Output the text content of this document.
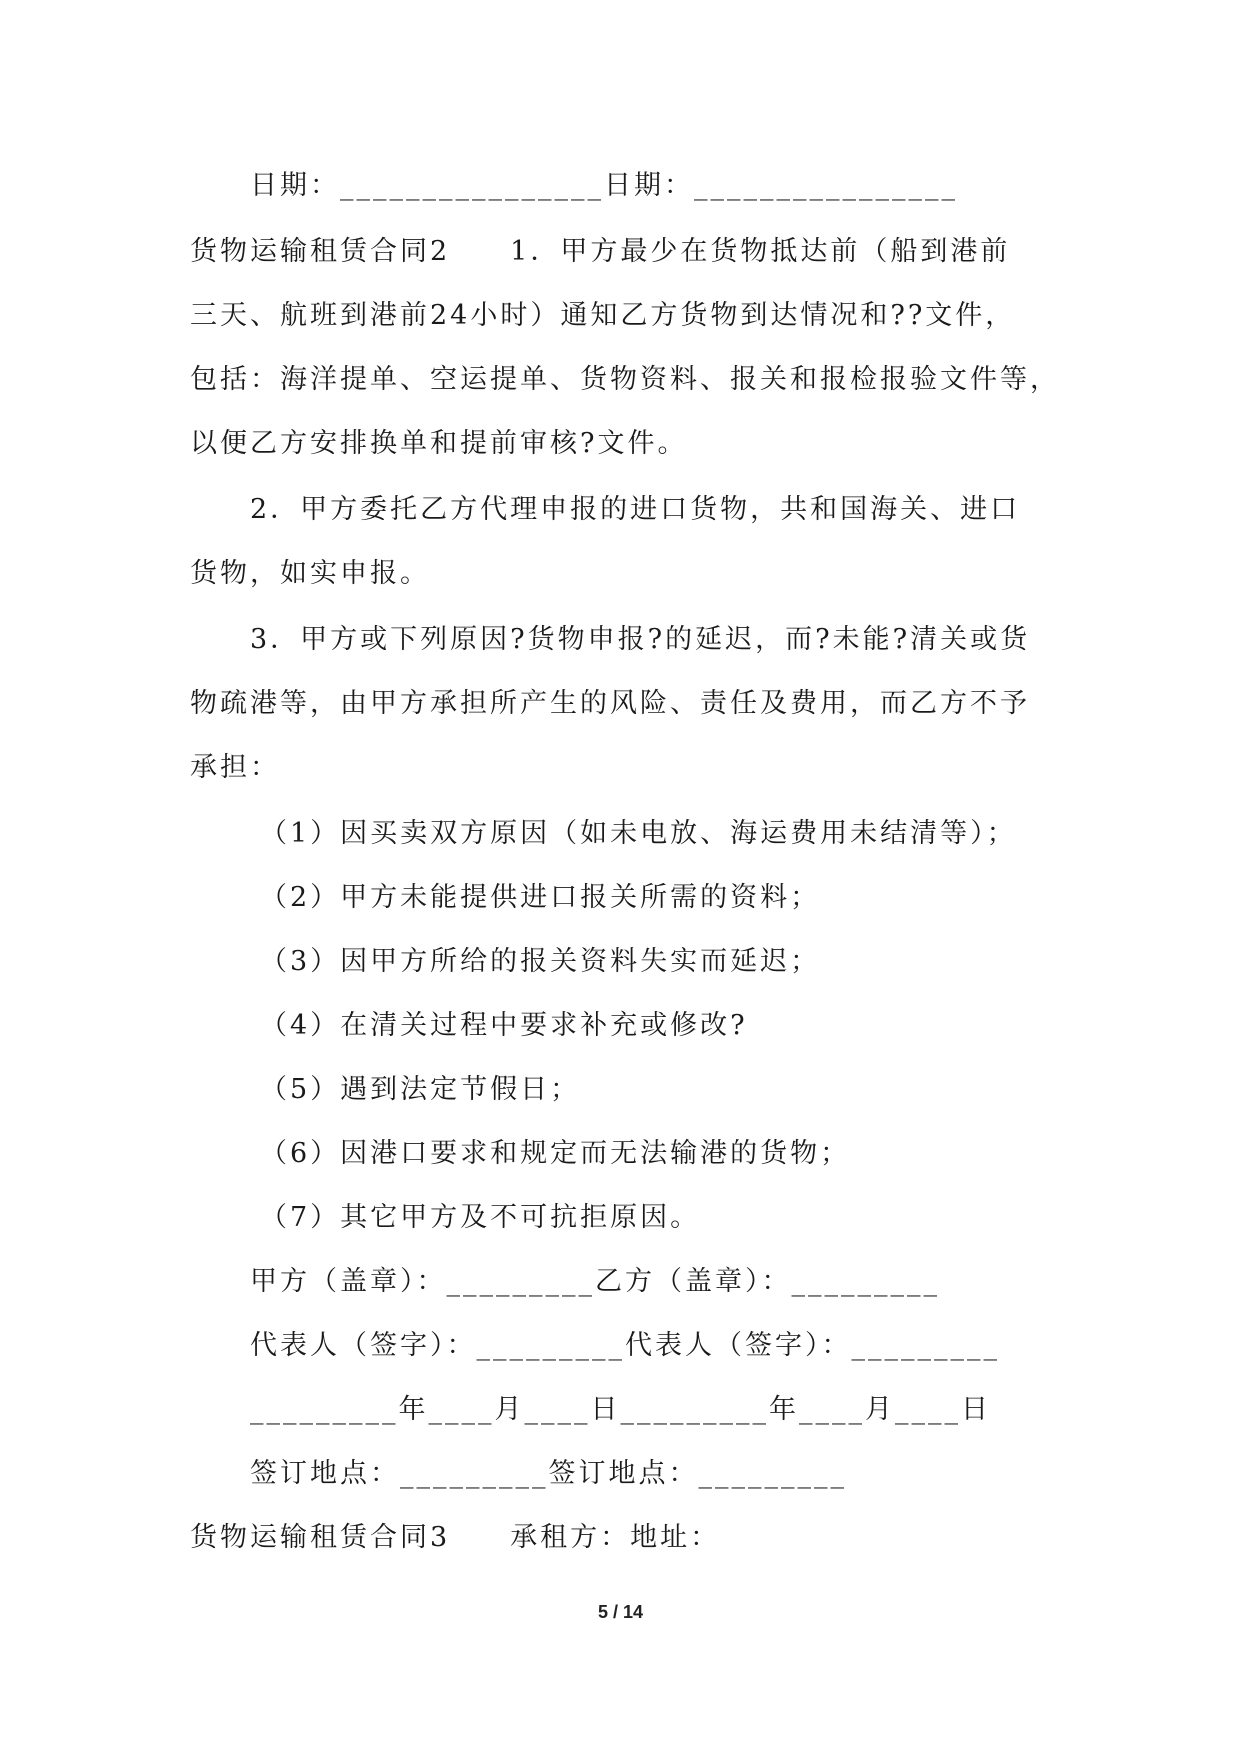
日期：________________日期：________________
货物运输租赁合同2　　1．甲方最少在货物抵达前（船到港前
三天、航班到港前24小时）通知乙方货物到达情况和??文件，
包括：海洋提单、空运提单、货物资料、报关和报检报验文件等，
以便乙方安排换单和提前审核?文件。
2．甲方委托乙方代理申报的进口货物，共和国海关、进口
货物，如实申报。
3．甲方或下列原因?货物申报?的延迟，而?未能?清关或货
物疏港等，由甲方承担所产生的风险、责任及费用，而乙方不予
承担：
（1）因买卖双方原因（如未电放、海运费用未结清等）；
（2）甲方未能提供进口报关所需的资料；
（3）因甲方所给的报关资料失实而延迟；
（4）在清关过程中要求补充或修改?
（5）遇到法定节假日；
（6）因港口要求和规定而无法输港的货物；
（7）其它甲方及不可抗拒原因。
甲方（盖章）：_________乙方（盖章）：_________
代表人（签字）：_________代表人（签字）：_________
_________年____月____日_________年____月____日
签订地点：_________签订地点：_________
货物运输租赁合同3　　承租方：地址：
5 / 14
